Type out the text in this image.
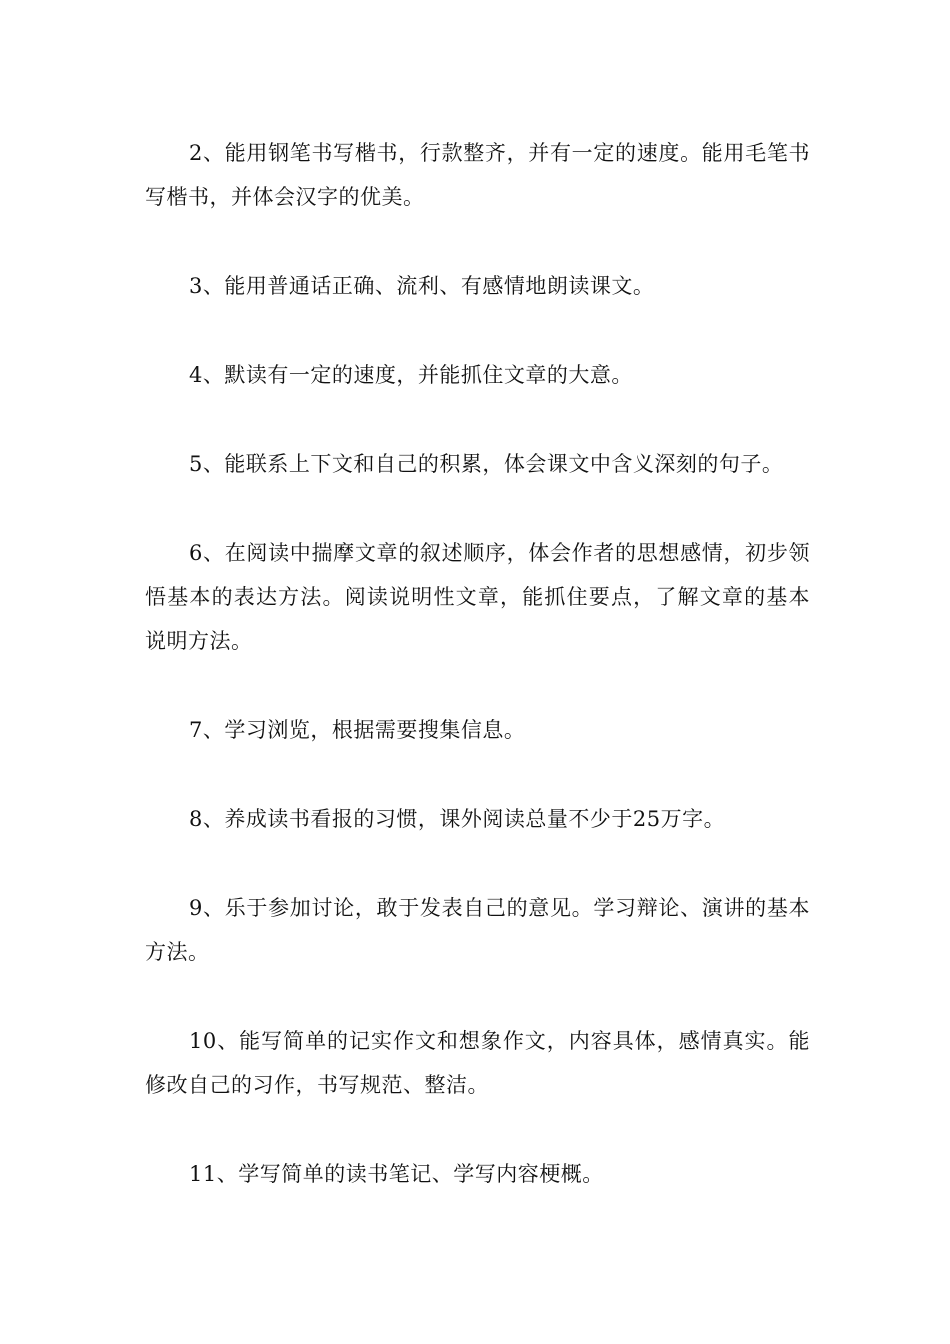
2、能用钢笔书写楷书，行款整齐，并有一定的速度。能用毛笔书写楷书，并体会汉字的优美。

3、能用普通话正确、流利、有感情地朗读课文。

4、默读有一定的速度，并能抓住文章的大意。

5、能联系上下文和自己的积累，体会课文中含义深刻的句子。

6、在阅读中揣摩文章的叙述顺序，体会作者的思想感情，初步领悟基本的表达方法。阅读说明性文章，能抓住要点，了解文章的基本说明方法。

7、学习浏览，根据需要搜集信息。

8、养成读书看报的习惯，课外阅读总量不少于25万字。

9、乐于参加讨论，敢于发表自己的意见。学习辩论、演讲的基本方法。

10、能写简单的记实作文和想象作文，内容具体，感情真实。能修改自己的习作，书写规范、整洁。

11、学写简单的读书笔记、学写内容梗概。
